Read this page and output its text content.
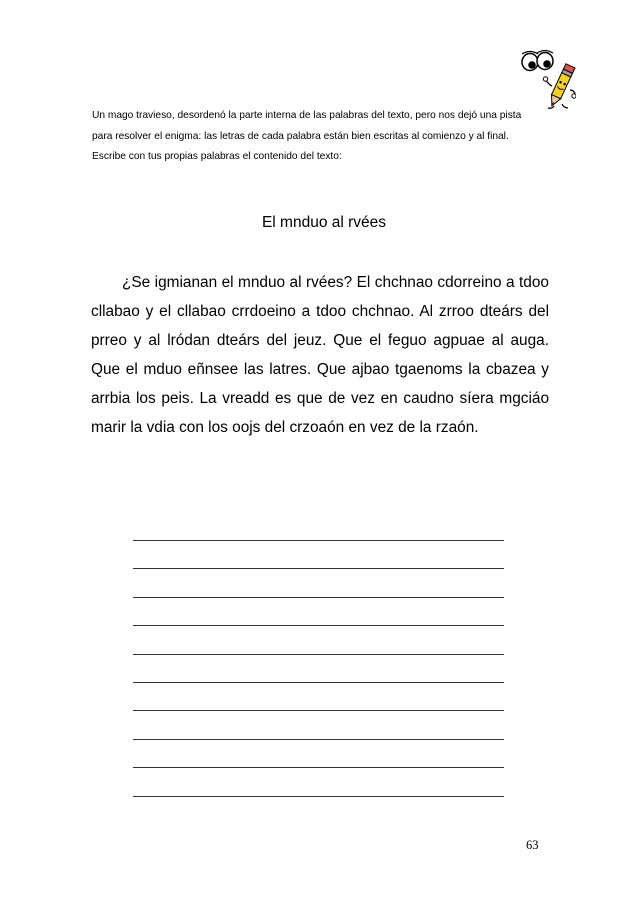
Un mago travieso, desordenó la parte interna de las palabras del texto, pero nos dejó una pista

para resolver el enigma: las letras de cada palabra están bien escritas al comienzo y al final.

Escribe con tus propias palabras el contenido del texto:

El mnduo al rvées

¿Se igmianan el mnduo al rvées? El chchnao cdorreino a tdoo cllabao y el cllabao crrdoeino a tdoo chchnao. Al zrroo dteárs del prreo y al lródan dteárs del jeuz. Que el feguo agpuae al auga. Que el mduo eñnsee las latres. Que ajbao tgaenoms la cbazea y arrbia los peis. La vreadd es que de vez en caudno síera mgciáo marir la vdia con los oojs del crzoaón en vez de la rzaón.

63
